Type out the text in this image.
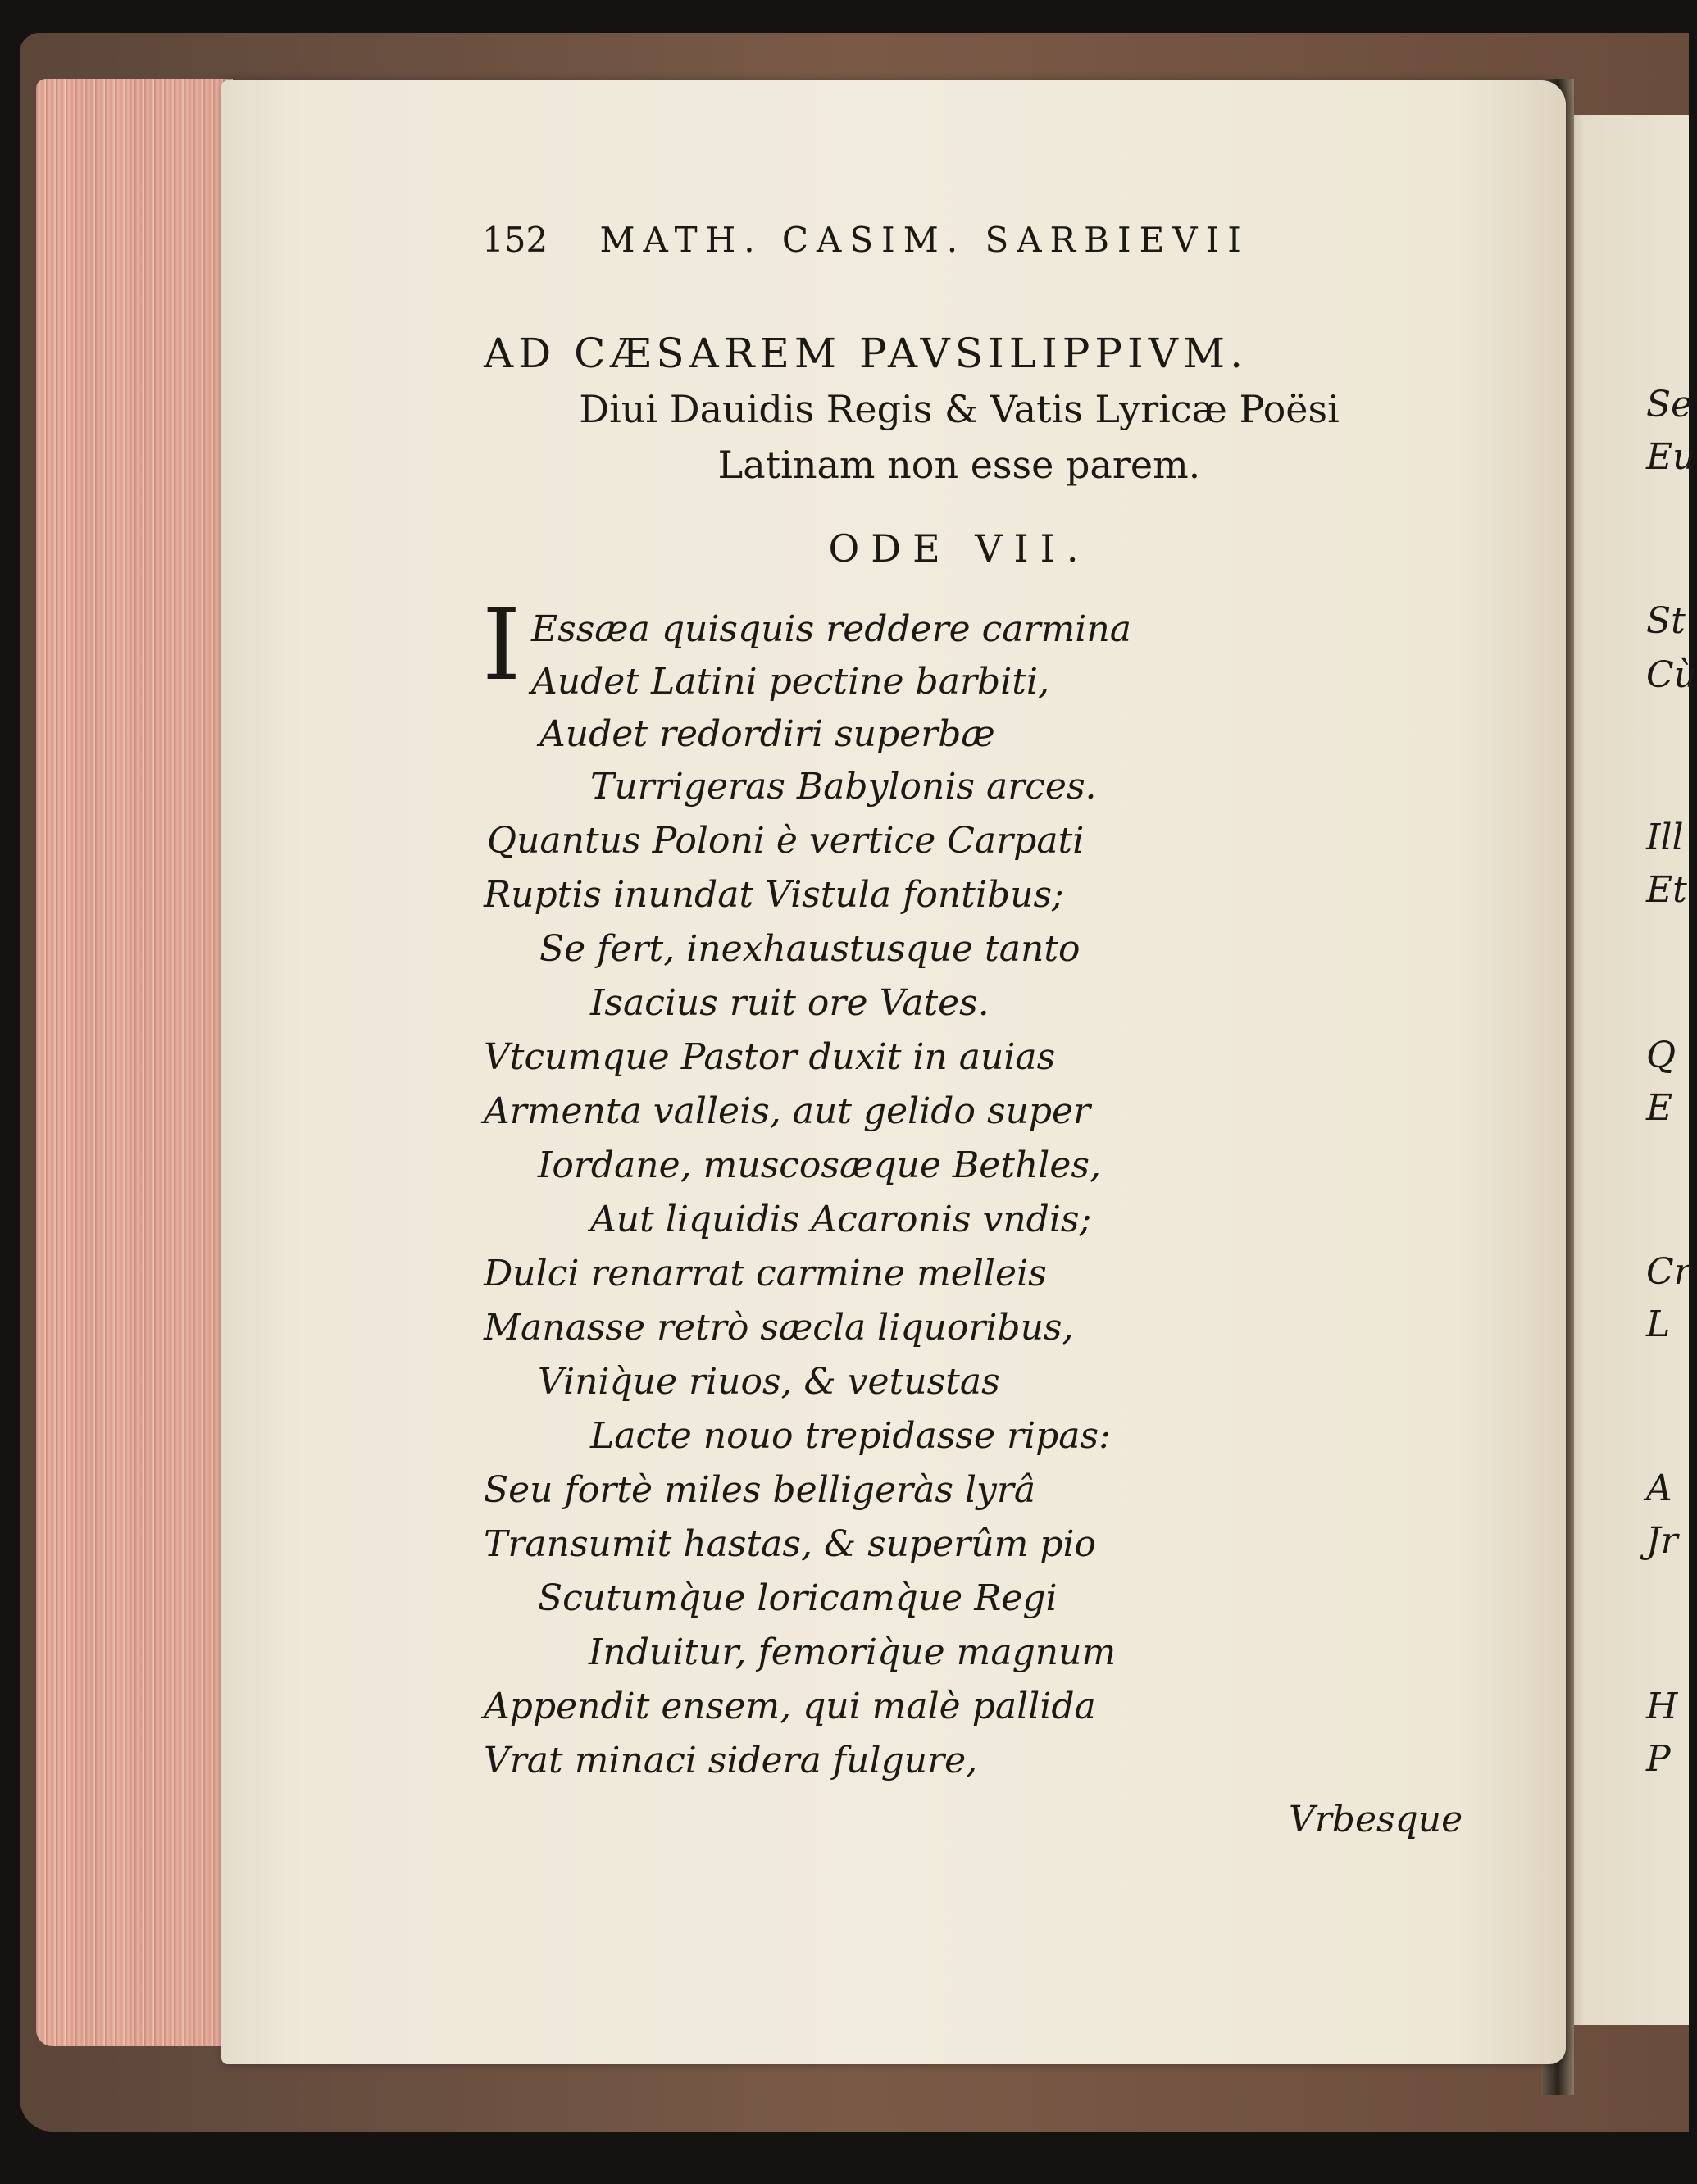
Se
Eu
St
Cù
Ill
Et
Q
E
Cr
L
A
Jr
H
P
152 MATH. CASIM. SARBIEVII
AD CÆSAREM PAVSILIPPIVM.
Diui Dauidis Regis & Vatis Lyricæ Poësi
Latinam non esse parem.
ODE VII.
I Essæa quisquis reddere carmina
Audet Latini pectine barbiti,
Audet redordiri superbæ
Turrigeras Babylonis arces.
Quantus Poloni è vertice Carpati
Ruptis inundat Vistula fontibus;
Se fert, inexhaustusque tanto
Isacius ruit ore Vates.
Vtcumque Pastor duxit in auias
Armenta valleis, aut gelido super
Iordane, muscosæque Bethles,
Aut liquidis Acaronis vndis;
Dulci renarrat carmine melleis
Manasse retrò sæcla liquoribus,
Viniq̀ue riuos, & vetustas
Lacte nouo trepidasse ripas:
Seu fortè miles belligeràs lyrâ
Transumit hastas, & superûm pio
Scutumq̀ue loricamq̀ue Regi
Induitur, femoriq̀ue magnum
Appendit ensem, qui malè pallida
Vrat minaci sidera fulgure,
Vrbesque
